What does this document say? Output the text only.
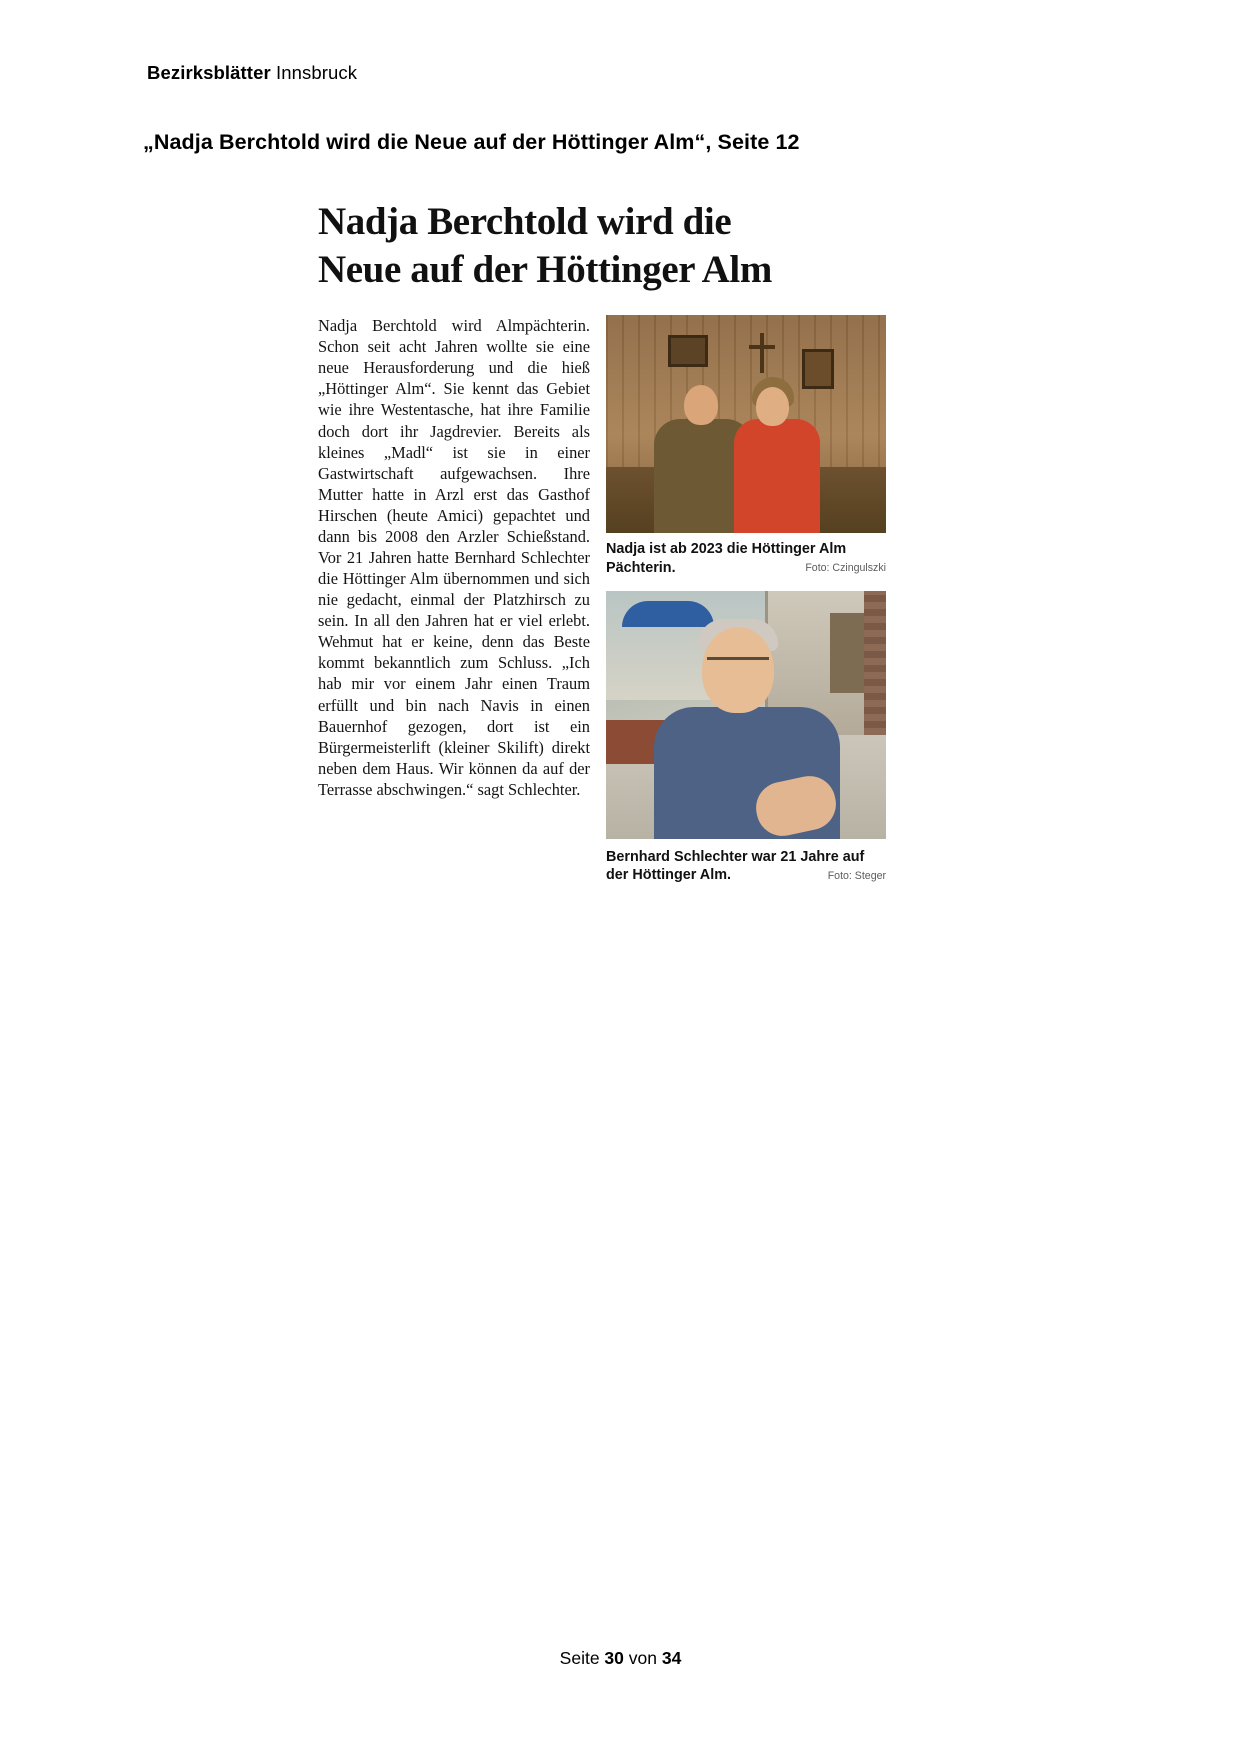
Bezirksblätter Innsbruck
„Nadja Berchtold wird die Neue auf der Höttinger Alm“, Seite 12
Nadja Berchtold wird die
Neue auf der Höttinger Alm
Nadja Berchtold wird Almpächterin. Schon seit acht Jahren wollte sie eine neue Herausforderung und die hieß „Höttinger Alm“. Sie kennt das Gebiet wie ihre Westentasche, hat ihre Familie doch dort ihr Jagdrevier. Bereits als kleines „Madl“ ist sie in einer Gastwirtschaft aufgewachsen. Ihre Mutter hatte in Arzl erst das Gasthof Hirschen (heute Amici) gepachtet und dann bis 2008 den Arzler Schießstand. Vor 21 Jahren hatte Bernhard Schlechter die Höttinger Alm übernommen und sich nie gedacht, einmal der Platzhirsch zu sein. In all den Jahren hat er viel erlebt. Wehmut hat er keine, denn das Beste kommt bekanntlich zum Schluss. „Ich hab mir vor einem Jahr einen Traum erfüllt und bin nach Navis in einen Bauernhof gezogen, dort ist ein Bürgermeisterlift (kleiner Skilift) direkt neben dem Haus. Wir können da auf der Terrasse abschwingen.“ sagt Schlechter.
Nadja ist ab 2023 die Höttinger Alm Pächterin.	Foto: Czingulszki
Bernhard Schlechter war 21 Jahre auf der Höttinger Alm.	Foto: Steger
Seite 30 von 34
